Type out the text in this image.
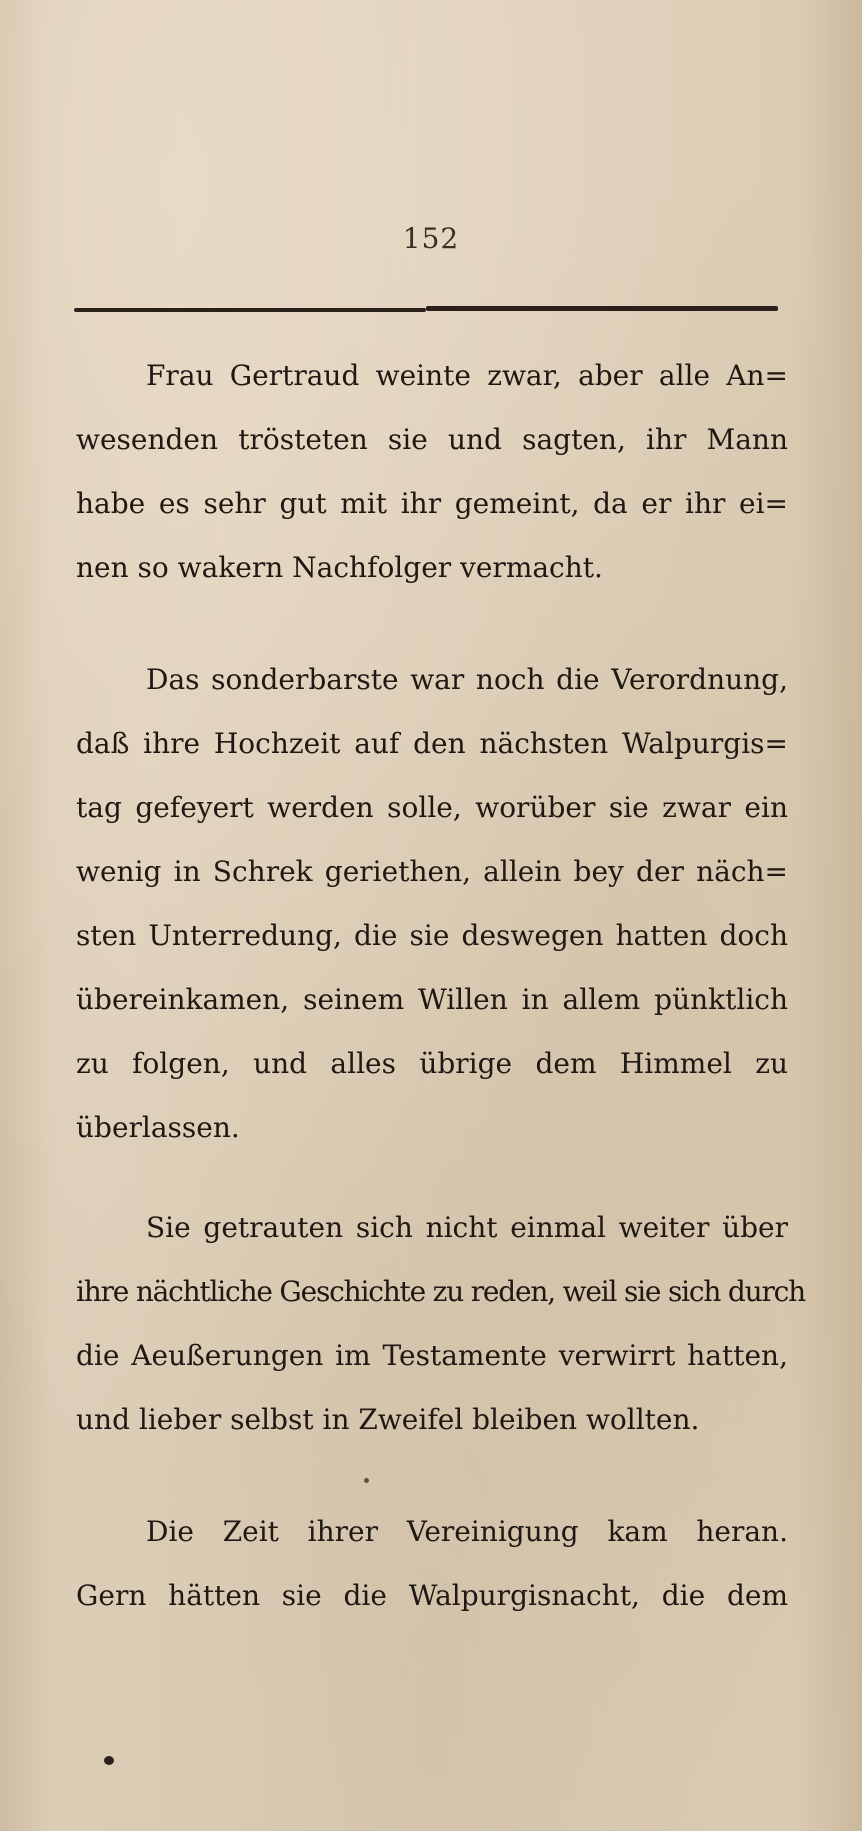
152
Frau Gertraud weinte zwar, aber alle An=
wesenden trösteten sie und sagten, ihr Mann
habe es sehr gut mit ihr gemeint, da er ihr ei=
nen so wakern Nachfolger vermacht.
Das sonderbarste war noch die Verordnung,
daß ihre Hochzeit auf den nächsten Walpurgis=
tag gefeyert werden solle, worüber sie zwar ein
wenig in Schrek geriethen, allein bey der näch=
sten Unterredung, die sie deswegen hatten doch
übereinkamen, seinem Willen in allem pünktlich
zu folgen, und alles übrige dem Himmel zu
überlassen.
Sie getrauten sich nicht einmal weiter über
ihre nächtliche Geschichte zu reden, weil sie sich durch
die Aeußerungen im Testamente verwirrt hatten,
und lieber selbst in Zweifel bleiben wollten.
Die Zeit ihrer Vereinigung kam heran.
Gern hätten sie die Walpurgisnacht, die dem
